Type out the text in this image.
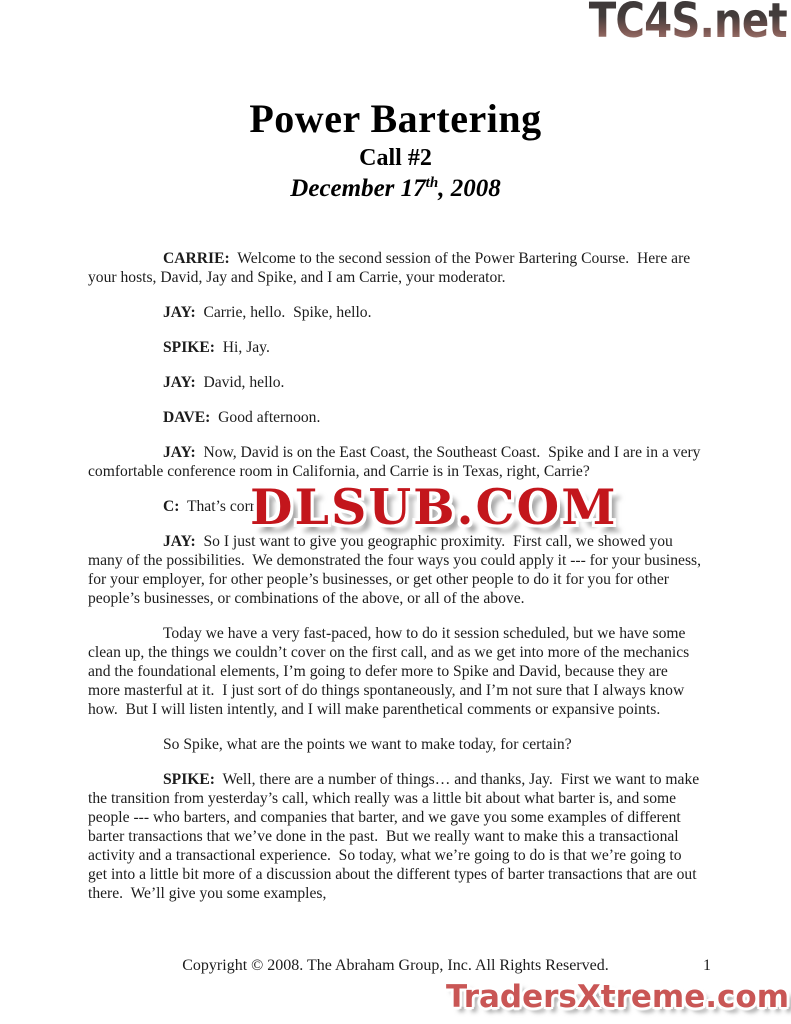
TC4S.net
Power Bartering
Call #2
December 17th, 2008

CARRIE:  Welcome to the second session of the Power Bartering Course.  Here are your hosts, David, Jay and Spike, and I am Carrie, your moderator.

JAY:  Carrie, hello.  Spike, hello.

SPIKE:  Hi, Jay.

JAY:  David, hello.

DAVE:  Good afternoon.

JAY:  Now, David is on the East Coast, the Southeast Coast.  Spike and I are in a very comfortable conference room in California, and Carrie is in Texas, right, Carrie?

C:  That’s corre

JAY:  So I just want to give you geographic proximity.  First call, we showed you many of the possibilities.  We demonstrated the four ways you could apply it --- for your business, for your employer, for other people’s businesses, or get other people to do it for you for other people’s businesses, or combinations of the above, or all of the above.

Today we have a very fast-paced, how to do it session scheduled, but we have some clean up, the things we couldn’t cover on the first call, and as we get into more of the mechanics and the foundational elements, I’m going to defer more to Spike and David, because they are more masterful at it.  I just sort of do things spontaneously, and I’m not sure that I always know how.  But I will listen intently, and I will make parenthetical comments or expansive points.

So Spike, what are the points we want to make today, for certain?

SPIKE:  Well, there are a number of things… and thanks, Jay.  First we want to make the transition from yesterday’s call, which really was a little bit about what barter is, and some people --- who barters, and companies that barter, and we gave you some examples of different barter transactions that we’ve done in the past.  But we really want to make this a transactional activity and a transactional experience.  So today, what we’re going to do is that we’re going to get into a little bit more of a discussion about the different types of barter transactions that are out there.  We’ll give you some examples,

DLSUB.COM
Copyright © 2008. The Abraham Group, Inc. All Rights Reserved.	1
TradersXtreme.com
